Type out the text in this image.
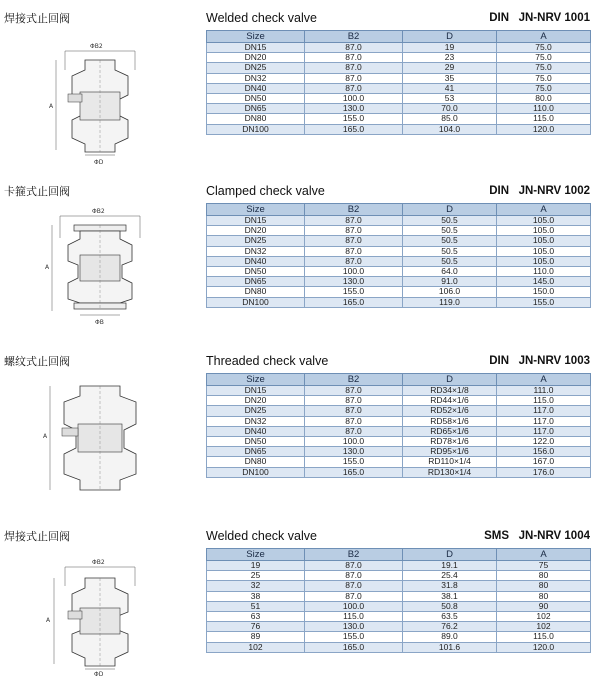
焊接式止回阀	Welded check valve	DIN   JN-NRV 1001
ΦB2
A
ΦD
Size	B2	D	A
DN15	87.0	19	75.0
DN20	87.0	23	75.0
DN25	87.0	29	75.0
DN32	87.0	35	75.0
DN40	87.0	41	75.0
DN50	100.0	53	80.0
DN65	130.0	70.0	110.0
DN80	155.0	85.0	115.0
DN100	165.0	104.0	120.0
卡箍式止回阀	Clamped check valve	DIN   JN-NRV 1002
ΦB2
A
ΦB
Size	B2	D	A
DN15	87.0	50.5	105.0
DN20	87.0	50.5	105.0
DN25	87.0	50.5	105.0
DN32	87.0	50.5	105.0
DN40	87.0	50.5	105.0
DN50	100.0	64.0	110.0
DN65	130.0	91.0	145.0
DN80	155.0	106.0	150.0
DN100	165.0	119.0	155.0
螺纹式止回阀	Threaded check valve	DIN   JN-NRV 1003
A
Size	B2	D	A
DN15	87.0	RD34×1/8	111.0
DN20	87.0	RD44×1/6	115.0
DN25	87.0	RD52×1/6	117.0
DN32	87.0	RD58×1/6	117.0
DN40	87.0	RD65×1/6	117.0
DN50	100.0	RD78×1/6	122.0
DN65	130.0	RD95×1/6	156.0
DN80	155.0	RD110×1/4	167.0
DN100	165.0	RD130×1/4	176.0
焊接式止回阀	Welded check valve	SMS   JN-NRV 1004
ΦB2
A
ΦD
Size	B2	D	A
19	87.0	19.1	75
25	87.0	25.4	80
32	87.0	31.8	80
38	87.0	38.1	80
51	100.0	50.8	90
63	115.0	63.5	102
76	130.0	76.2	102
89	155.0	89.0	115.0
102	165.0	101.6	120.0
